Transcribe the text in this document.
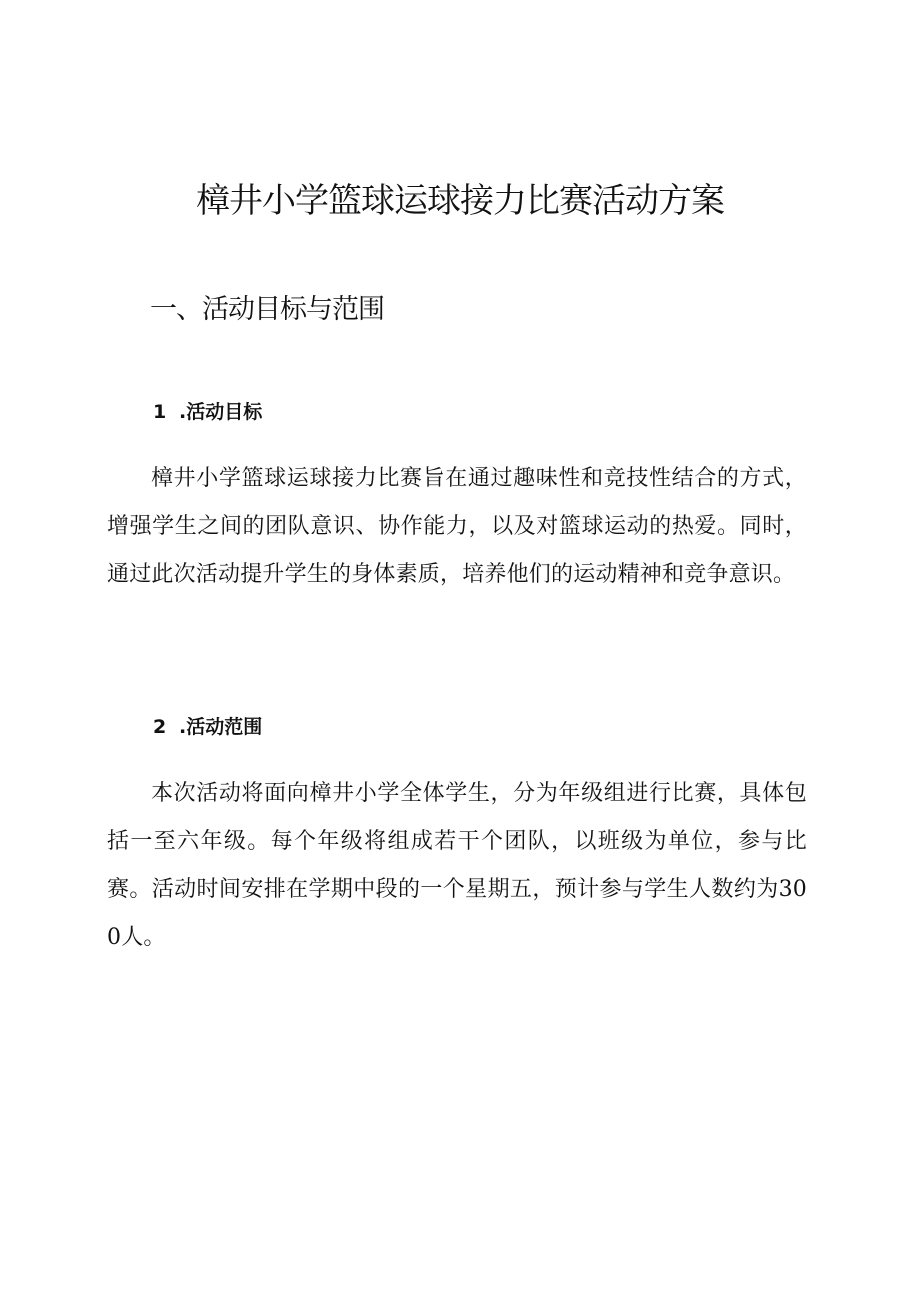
樟井小学篮球运球接力比赛活动方案
一、活动目标与范围
1 .活动目标

樟井小学篮球运球接力比赛旨在通过趣味性和竞技性结合的方式，增强学生之间的团队意识、协作能力，以及对篮球运动的热爱。同时，通过此次活动提升学生的身体素质，培养他们的运动精神和竞争意识。

2 .活动范围

本次活动将面向樟井小学全体学生，分为年级组进行比赛，具体包括一至六年级。每个年级将组成若干个团队，以班级为单位，参与比赛。活动时间安排在学期中段的一个星期五，预计参与学生人数约为300人。
